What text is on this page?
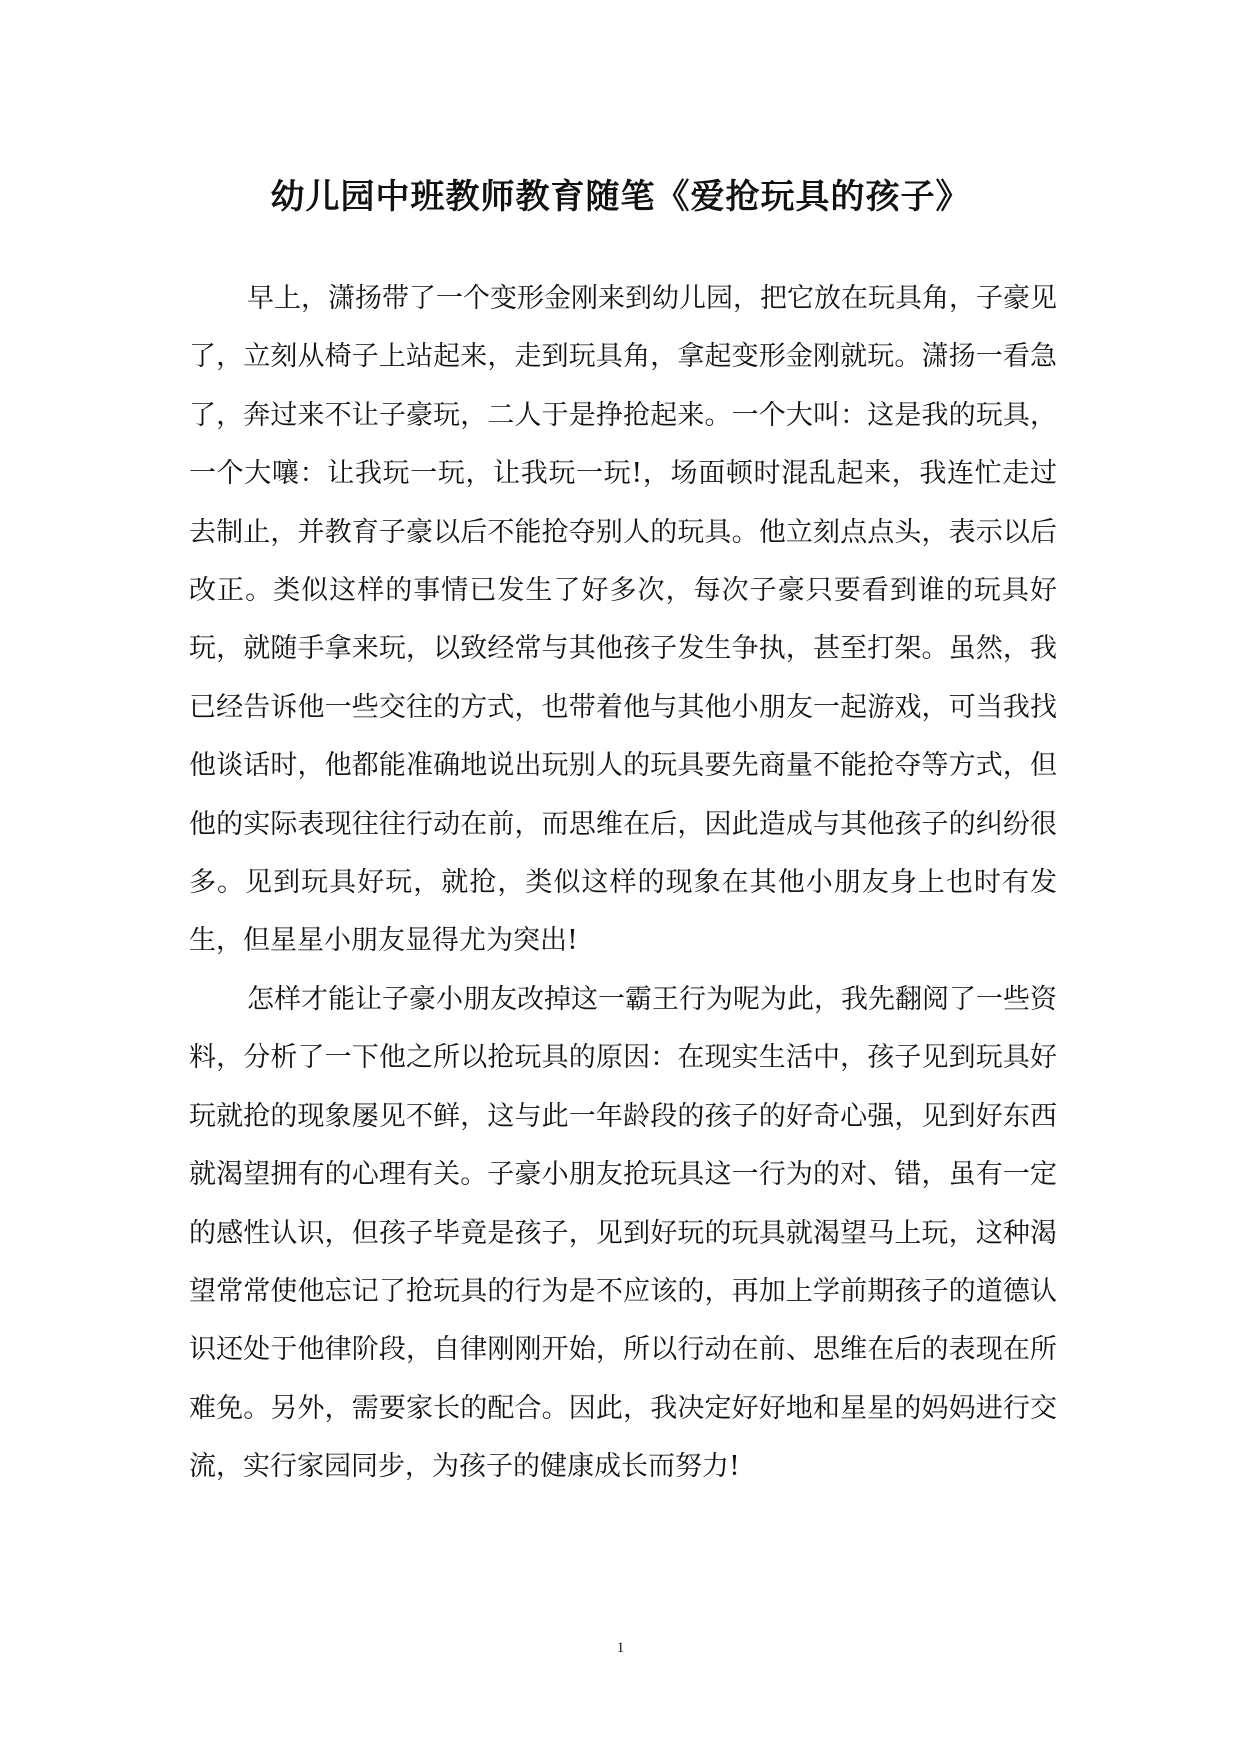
幼儿园中班教师教育随笔《爱抢玩具的孩子》

早上，潇扬带了一个变形金刚来到幼儿园，把它放在玩具角，子豪见了，立刻从椅子上站起来，走到玩具角，拿起变形金刚就玩。潇扬一看急了，奔过来不让子豪玩，二人于是挣抢起来。一个大叫：这是我的玩具，一个大嚷：让我玩一玩，让我玩一玩!，场面顿时混乱起来，我连忙走过去制止，并教育子豪以后不能抢夺别人的玩具。他立刻点点头，表示以后改正。类似这样的事情已发生了好多次，每次子豪只要看到谁的玩具好玩，就随手拿来玩，以致经常与其他孩子发生争执，甚至打架。虽然，我已经告诉他一些交往的方式，也带着他与其他小朋友一起游戏，可当我找他谈话时，他都能准确地说出玩别人的玩具要先商量不能抢夺等方式，但他的实际表现往往行动在前，而思维在后，因此造成与其他孩子的纠纷很多。见到玩具好玩，就抢，类似这样的现象在其他小朋友身上也时有发生，但星星小朋友显得尤为突出!

怎样才能让子豪小朋友改掉这一霸王行为呢为此，我先翻阅了一些资料，分析了一下他之所以抢玩具的原因：在现实生活中，孩子见到玩具好玩就抢的现象屡见不鲜，这与此一年龄段的孩子的好奇心强，见到好东西就渴望拥有的心理有关。子豪小朋友抢玩具这一行为的对、错，虽有一定的感性认识，但孩子毕竟是孩子，见到好玩的玩具就渴望马上玩，这种渴望常常使他忘记了抢玩具的行为是不应该的，再加上学前期孩子的道德认识还处于他律阶段，自律刚刚开始，所以行动在前、思维在后的表现在所难免。另外，需要家长的配合。因此，我决定好好地和星星的妈妈进行交流，实行家园同步，为孩子的健康成长而努力!

1
